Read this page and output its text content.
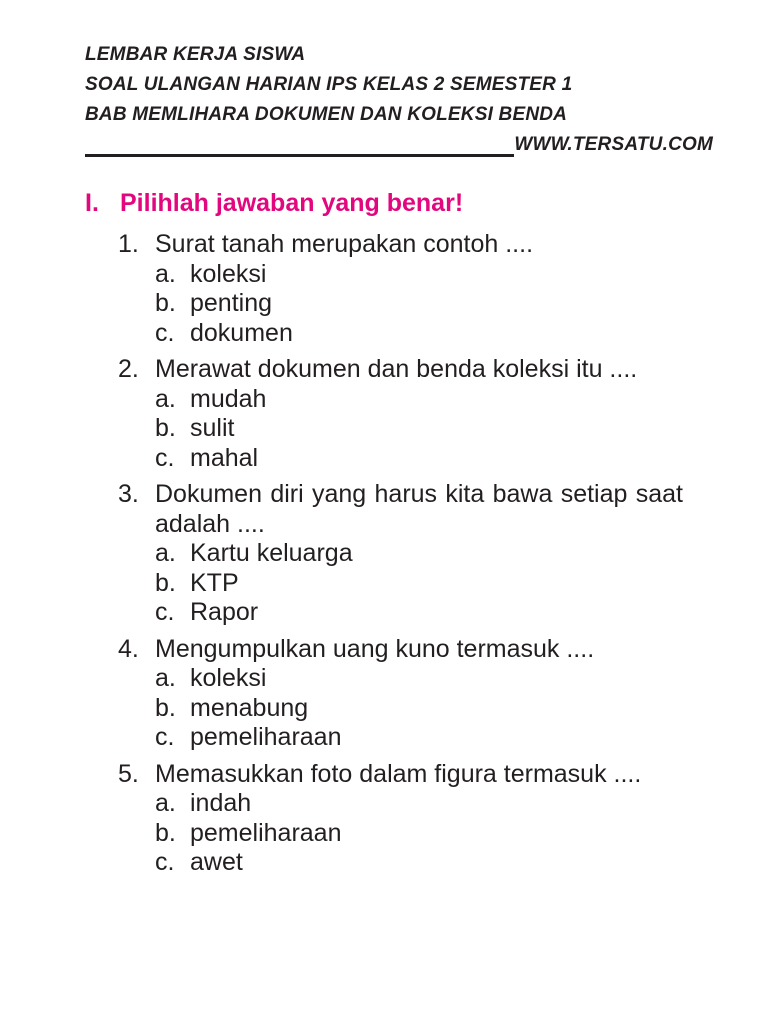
LEMBAR KERJA SISWA
SOAL ULANGAN HARIAN IPS KELAS 2 SEMESTER 1
BAB MEMLIHARA DOKUMEN DAN KOLEKSI BENDA
WWW.TERSATU.COM
I. Pilihlah jawaban yang benar!
1. Surat tanah merupakan contoh ....

a. koleksi
b. penting
c. dokumen
2. Merawat dokumen dan benda koleksi itu ....

a. mudah
b. sulit
c. mahal
3. Dokumen diri yang harus kita bawa setiap saat adalah ....

a. Kartu keluarga
b. KTP
c. Rapor
4. Mengumpulkan uang kuno termasuk ....

a. koleksi
b. menabung
c. pemeliharaan
5. Memasukkan foto dalam figura termasuk ....

a. indah
b. pemeliharaan
c. awet
